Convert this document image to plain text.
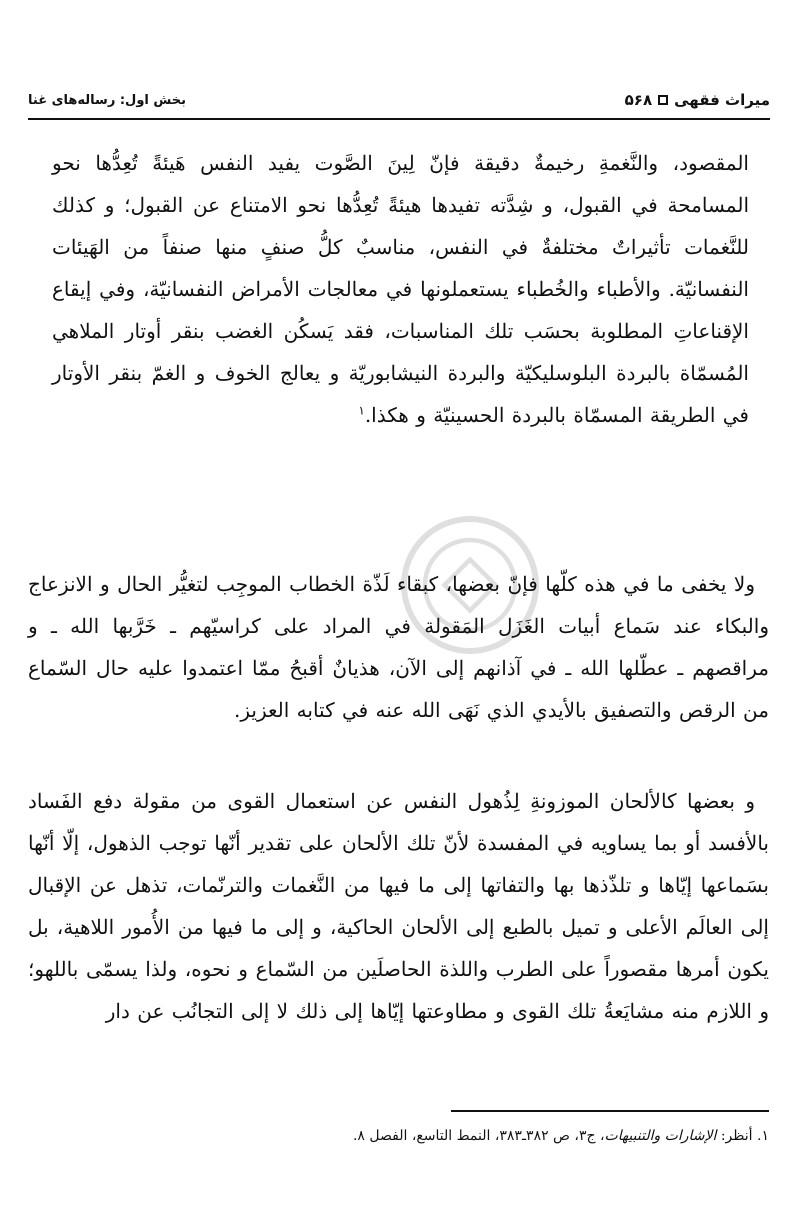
بخش اول: رساله‌های غنا	میراث فقهی
۵۶۸
المقصود، والنَّغمةِ رخيمةٌ دقيقة فإنّ لِينَ الصَّوت يفيد النفس هَيئةً تُعِدُّها نحو المسامحة في القبول، و شِدَّته تفيدها هيئةً تُعِدُّها نحو الامتناع عن القبول؛ و كذلك للنَّغمات تأثيراتٌ مختلفةٌ في النفس، مناسبٌ كلُّ صنفٍ منها صنفاً من الهَيئات النفسانيّة. والأطباء والخُطباء يستعملونها في معالجات الأمراض النفسانيّة، وفي إيقاع الإقناعاتِ المطلوبة بحسَب تلك المناسبات، فقد يَسكُن الغضب بنقر أوتار الملاهي المُسمّاة بالبردة البلوسليكيّة والبردة النيشابوريّة و يعالج الخوف و الغمّ بنقر الأوتار في الطريقة المسمّاة بالبردة الحسينيّة و هكذا.$^١$
ولا يخفى ما في هذه كلّها فإنّ بعضها، كبقاء لَذّة الخطاب الموجِب لتغيُّر الحال و الانزعاج والبكاء عند سَماع أبيات الغَزَل المَقولة في المراد على كراسيّهم ـ خَرَّبها الله ـ و مراقصهم ـ عطّلها الله ـ في آذانهم إلى الآن، هذيانٌ أقبحُ ممّا اعتمدوا عليه حال السّماع من الرقص والتصفيق بالأيدي الذي نَهَى الله عنه في كتابه العزيز.
و بعضها كالألحان الموزونةِ لِذُهول النفس عن استعمال القوى من مقولة دفع الفَساد بالأفسد أو بما يساويه في المفسدة لأنّ تلك الألحان على تقدير أنّها توجب الذهول، إلّا أنّها بسَماعها إيّاها و تلذّذها بها والتفاتها إلى ما فيها من النَّغمات والترنّمات، تذهل عن الإقبال إلى العالَم الأعلى و تميل بالطبع إلى الألحان الحاكية، و إلى ما فيها من الأُمور اللاهية، بل يكون أمرها مقصوراً على الطرب واللذة الحاصلَين من السّماع و نحوه، ولذا يسمّى باللهو؛ و اللازم منه مشايَعةُ تلك القوى و مطاوعتها إيّاها إلى ذلك لا إلى التجانُب عن دار
١. أنظر: الإشارات والتنبيهات، ج٣، ص ٣٨٢ـ٣٨٣، النمط التاسع، الفصل ٨.
